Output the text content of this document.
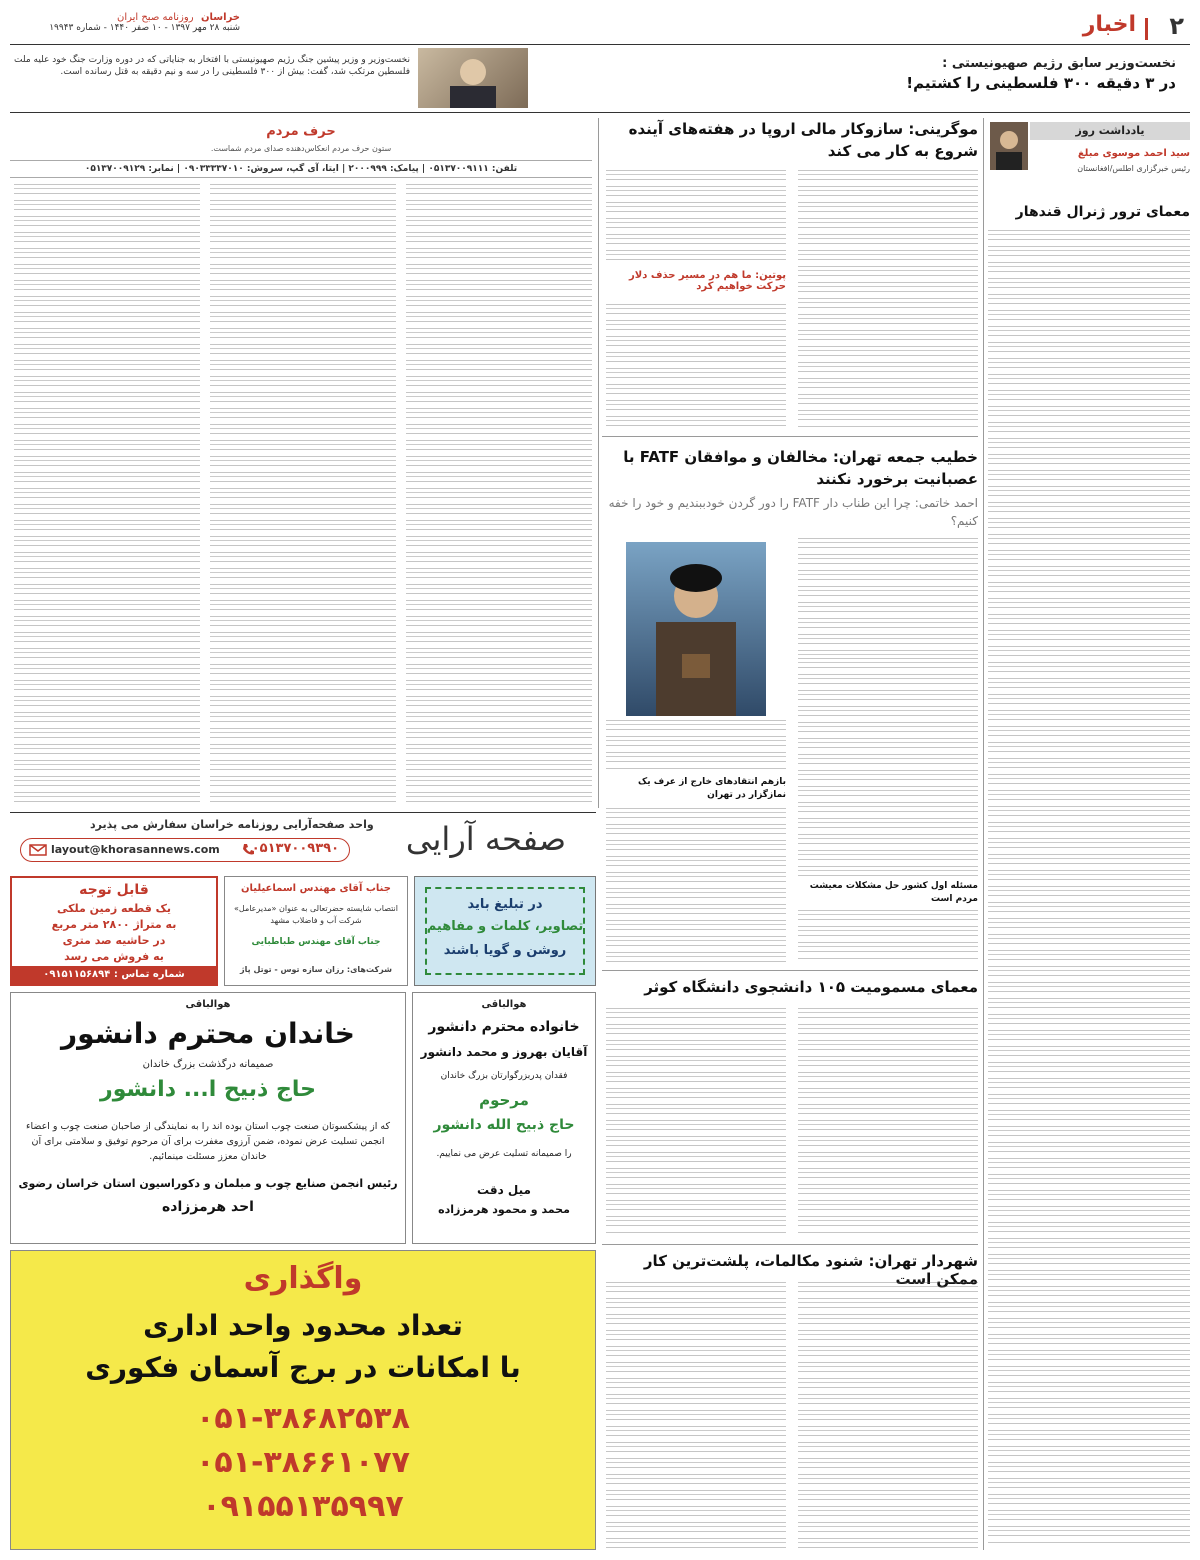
۲
اخبار
خراسان روزنامه صبح ایران
شنبه ۲۸ مهر ۱۳۹۷ - ۱۰ صفر ۱۴۴۰ - شماره ۱۹۹۴۳
نخست‌وزیر سابق رژیم صهیونیستی :
در ۳ دقیقه ۳۰۰ فلسطینی را کشتیم!
نخست‌وزیر و وزیر پیشین جنگ رژیم صهیونیستی با افتخار به جنایاتی که در دوره وزارت جنگ خود علیه ملت فلسطین مرتکب شد، گفت: بیش از ۳۰۰ فلسطینی را در سه و نیم دقیقه به قتل رسانده است.
یادداشت روز
سید احمد موسوی مبلغ
رئیس خبرگزاری اطلس/افغانستان
معمای ترور ژنرال قندهار
موگرینی: سازوکار مالی اروپا در هفته‌های آینده شروع به کار می کند
پوتین: ما هم در مسیر حذف دلار حرکت خواهیم کرد
خطیب جمعه تهران: مخالفان و موافقان FATF با عصبانیت برخورد نکنند
احمد خاتمی: چرا این طناب دار FATF را دور گردن خودببندیم و خود را خفه کنیم؟
بازهم انتقادهای خارج از عرف یک نمازگزار در تهران
مسئله اول کشور حل مشکلات معیشت مردم است
معمای مسمومیت ۱۰۵ دانشجوی دانشگاه کوثر
شهردار تهران: شنود مکالمات، پلشت‌ترین کار ممکن است
حرف مردم
ستون حرف مردم انعکاس‌دهنده صدای مردم شماست.
تلفن: ۰۵۱۳۷۰۰۹۱۱۱ | پیامک: ۲۰۰۰۹۹۹ | ایتا، آی گپ، سروش: ۰۹۰۳۳۳۳۷۰۱۰ | نمابر: ۰۵۱۳۷۰۰۹۱۲۹
صفحه آرایی
واحد صفحه‌آرایی روزنامه خراسان سفارش می پذیرد
layout@khorasannews.com ۰۵۱۳۷۰۰۹۳۹۰
در تبلیغ باید
تصاویر، کلمات و مفاهیم
روشن و گویا باشند
جناب آقای مهندس اسماعیلیان
انتصاب شایسته حضرتعالی به عنوان «مدیرعامل» شرکت آب و فاضلاب مشهد
جناب آقای مهندس طباطبایی
شرکت‌های: رزان سازه توس - توتل پاژ
قابل توجه
یک قطعه زمین ملکی
به متراژ ۲۸۰۰ متر مربع
در حاشیه صد متری
به فروش می رسد
شماره تماس : ۰۹۱۵۱۱۵۶۸۹۴
هوالباقی
خانواده محترم دانشور
آقایان بهروز و محمد دانشور
فقدان پدربزرگوارتان بزرگ خاندان
مرحوم
حاج ذبیح الله دانشور
را صمیمانه تسلیت عرض می نماییم.
میل دقت
محمد و محمود هرمززاده
هوالباقی
خاندان محترم دانشور
صمیمانه درگذشت بزرگ خاندان
حاج ذبیح ا... دانشور
که از پیشکسوتان صنعت چوب استان بوده اند را به نمایندگی از صاحبان صنعت چوب و اعضاء انجمن تسلیت عرض نموده، ضمن آرزوی مغفرت برای آن مرحوم توفیق و سلامتی برای آن خاندان معزز مسئلت مینمائیم.
رئیس انجمن صنایع چوب و مبلمان و دکوراسیون استان خراسان رضوی
احد هرمززاده
واگذاری
تعداد محدود واحد اداری
با امکانات در برج آسمان فکوری
۰۵۱-۳۸۶۸۲۵۳۸
۰۵۱-۳۸۶۶۱۰۷۷
۰۹۱۵۵۱۳۵۹۹۷
